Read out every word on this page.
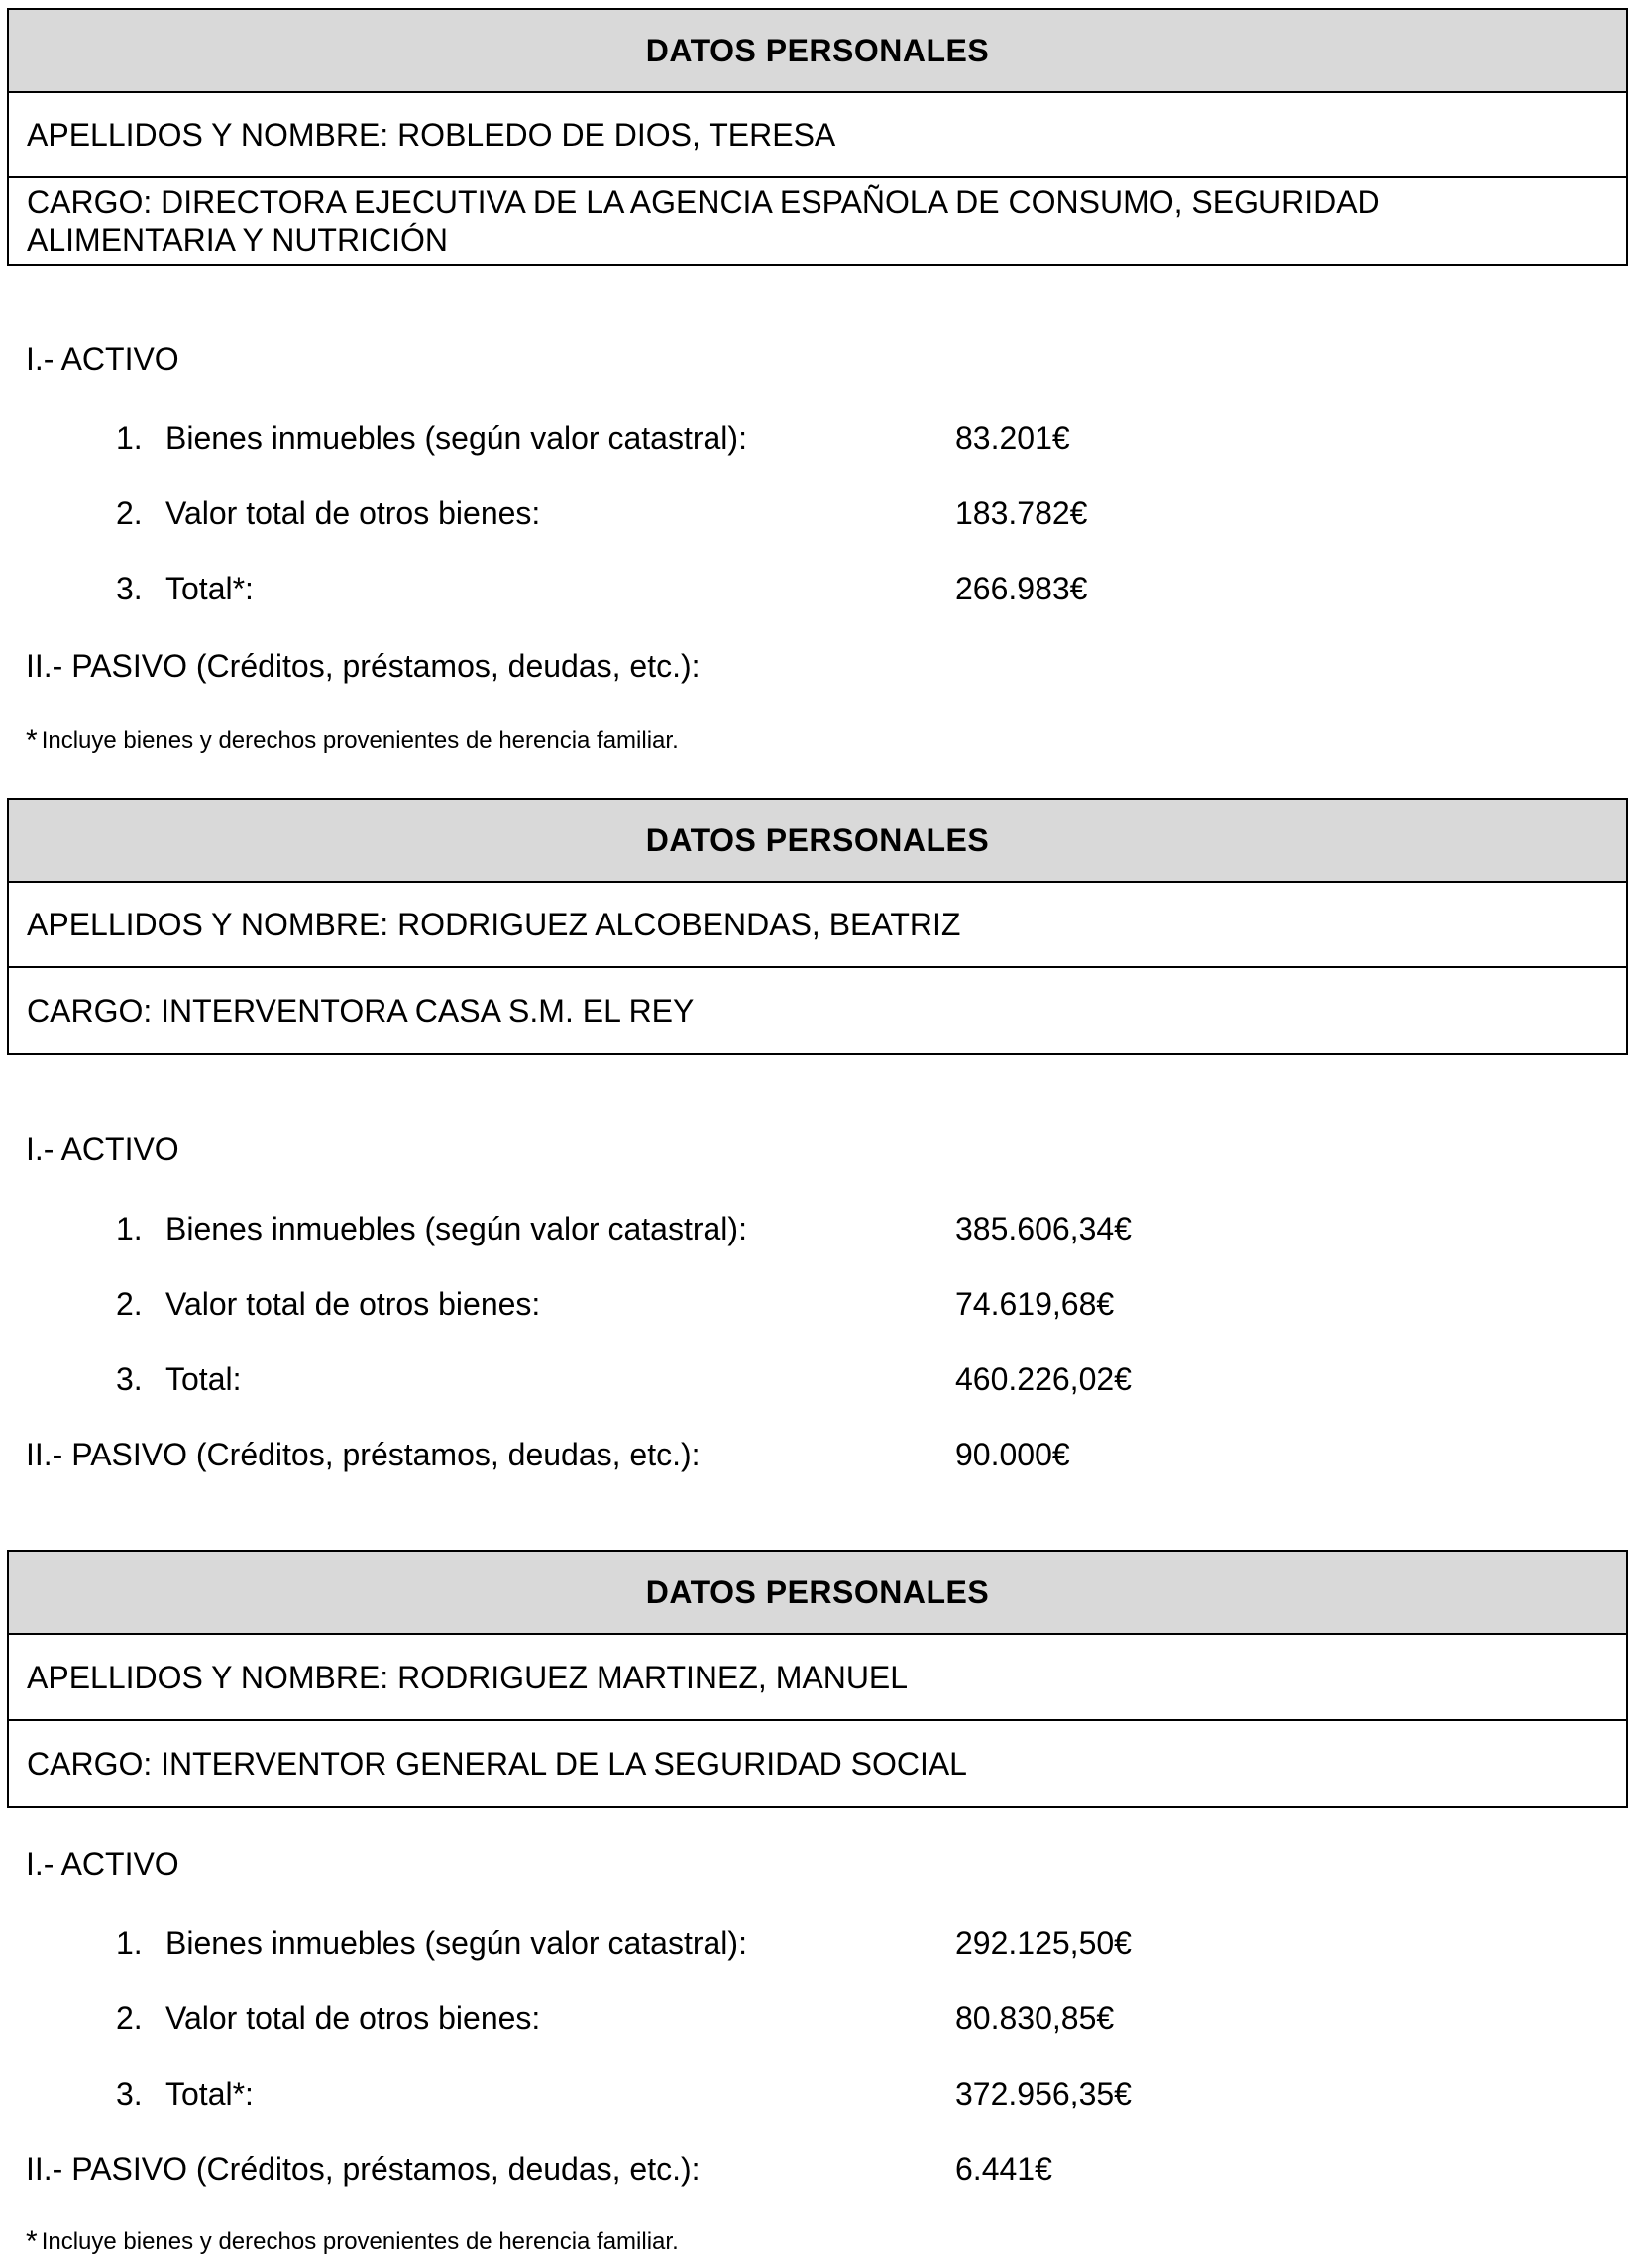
DATOS PERSONALES
APELLIDOS Y NOMBRE: ROBLEDO DE DIOS, TERESA
CARGO: DIRECTORA EJECUTIVA DE LA AGENCIA ESPAÑOLA DE CONSUMO, SEGURIDAD
ALIMENTARIA Y NUTRICIÓN
I.- ACTIVO
1. Bienes inmuebles (según valor catastral):	83.201€
2. Valor total de otros bienes:	183.782€
3. Total*:	266.983€
II.- PASIVO (Créditos, préstamos, deudas, etc.):
* Incluye bienes y derechos provenientes de herencia familiar.
DATOS PERSONALES
APELLIDOS Y NOMBRE: RODRIGUEZ ALCOBENDAS, BEATRIZ
CARGO: INTERVENTORA CASA S.M. EL REY
I.- ACTIVO
1. Bienes inmuebles (según valor catastral):	385.606,34€
2. Valor total de otros bienes:	74.619,68€
3. Total:	460.226,02€
II.- PASIVO (Créditos, préstamos, deudas, etc.):	90.000€
DATOS PERSONALES
APELLIDOS Y NOMBRE: RODRIGUEZ MARTINEZ, MANUEL
CARGO: INTERVENTOR GENERAL DE LA SEGURIDAD SOCIAL
I.- ACTIVO
1. Bienes inmuebles (según valor catastral):	292.125,50€
2. Valor total de otros bienes:	80.830,85€
3. Total*:	372.956,35€
II.- PASIVO (Créditos, préstamos, deudas, etc.):	6.441€
* Incluye bienes y derechos provenientes de herencia familiar.
